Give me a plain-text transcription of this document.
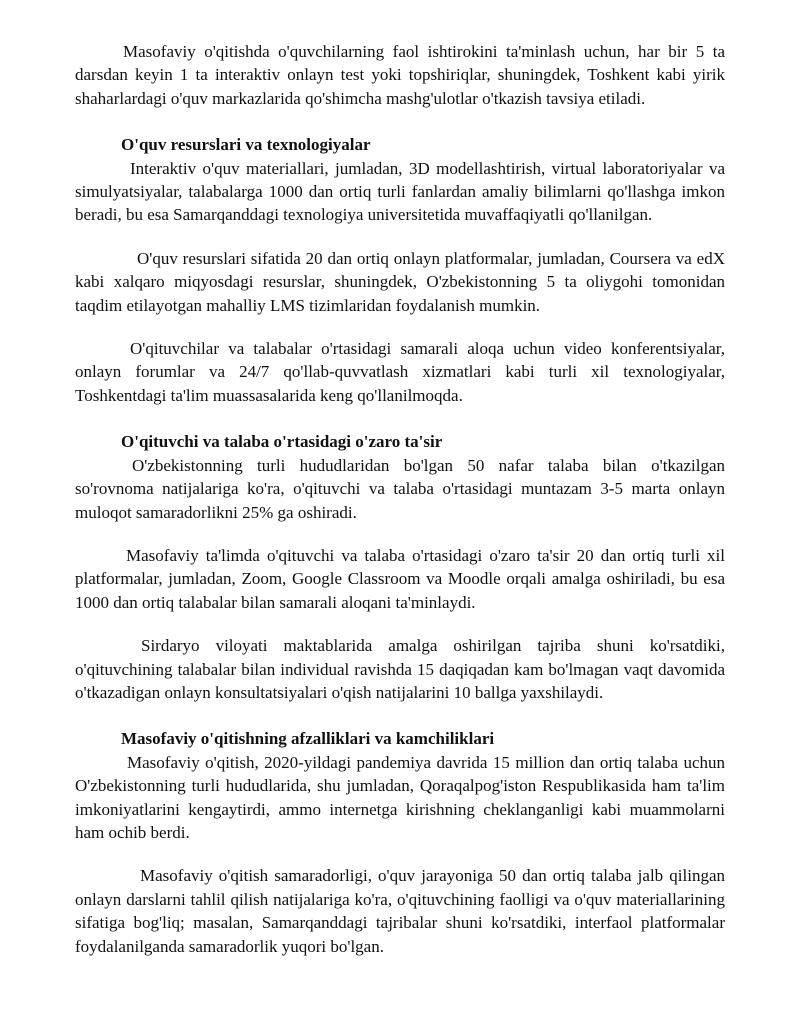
Masofaviy o'qitishda o'quvchilarning faol ishtirokini ta'minlash uchun, har bir 5 ta darsdan keyin 1 ta interaktiv onlayn test yoki topshiriqlar, shuningdek, Toshkent kabi yirik shaharlardagi o'quv markazlarida qo'shimcha mashg'ulotlar o'tkazish tavsiya etiladi.

O'quv resurslari va texnologiyalar

Interaktiv o'quv materiallari, jumladan, 3D modellashtirish, virtual laboratoriyalar va simulyatsiyalar, talabalarga 1000 dan ortiq turli fanlardan amaliy bilimlarni qo'llashga imkon beradi, bu esa Samarqanddagi texnologiya universitetida muvaffaqiyatli qo'llanilgan.

O'quv resurslari sifatida 20 dan ortiq onlayn platformalar, jumladan, Coursera va edX kabi xalqaro miqyosdagi resurslar, shuningdek, O'zbekistonning 5 ta oliygohi tomonidan taqdim etilayotgan mahalliy LMS tizimlaridan foydalanish mumkin.

O'qituvchilar va talabalar o'rtasidagi samarali aloqa uchun video konferentsiyalar, onlayn forumlar va 24/7 qo'llab-quvvatlash xizmatlari kabi turli xil texnologiyalar, Toshkentdagi ta'lim muassasalarida keng qo'llanilmoqda.

O'qituvchi va talaba o'rtasidagi o'zaro ta'sir

O'zbekistonning turli hududlaridan bo'lgan 50 nafar talaba bilan o'tkazilgan so'rovnoma natijalariga ko'ra, o'qituvchi va talaba o'rtasidagi muntazam 3-5 marta onlayn muloqot samaradorlikni 25% ga oshiradi.

Masofaviy ta'limda o'qituvchi va talaba o'rtasidagi o'zaro ta'sir 20 dan ortiq turli xil platformalar, jumladan, Zoom, Google Classroom va Moodle orqali amalga oshiriladi, bu esa 1000 dan ortiq talabalar bilan samarali aloqani ta'minlaydi.

Sirdaryo viloyati maktablarida amalga oshirilgan tajriba shuni ko'rsatdiki, o'qituvchining talabalar bilan individual ravishda 15 daqiqadan kam bo'lmagan vaqt davomida o'tkazadigan onlayn konsultatsiyalari o'qish natijalarini 10 ballga yaxshilaydi.

Masofaviy o'qitishning afzalliklari va kamchiliklari

Masofaviy o'qitish, 2020-yildagi pandemiya davrida 15 million dan ortiq talaba uchun O'zbekistonning turli hududlarida, shu jumladan, Qoraqalpog'iston Respublikasida ham ta'lim imkoniyatlarini kengaytirdi, ammo internetga kirishning cheklanganligi kabi muammolarni ham ochib berdi.

Masofaviy o'qitish samaradorligi, o'quv jarayoniga 50 dan ortiq talaba jalb qilingan onlayn darslarni tahlil qilish natijalariga ko'ra, o'qituvchining faolligi va o'quv materiallarining sifatiga bog'liq; masalan, Samarqanddagi tajribalar shuni ko'rsatdiki, interfaol platformalar foydalanilganda samaradorlik yuqori bo'lgan.
